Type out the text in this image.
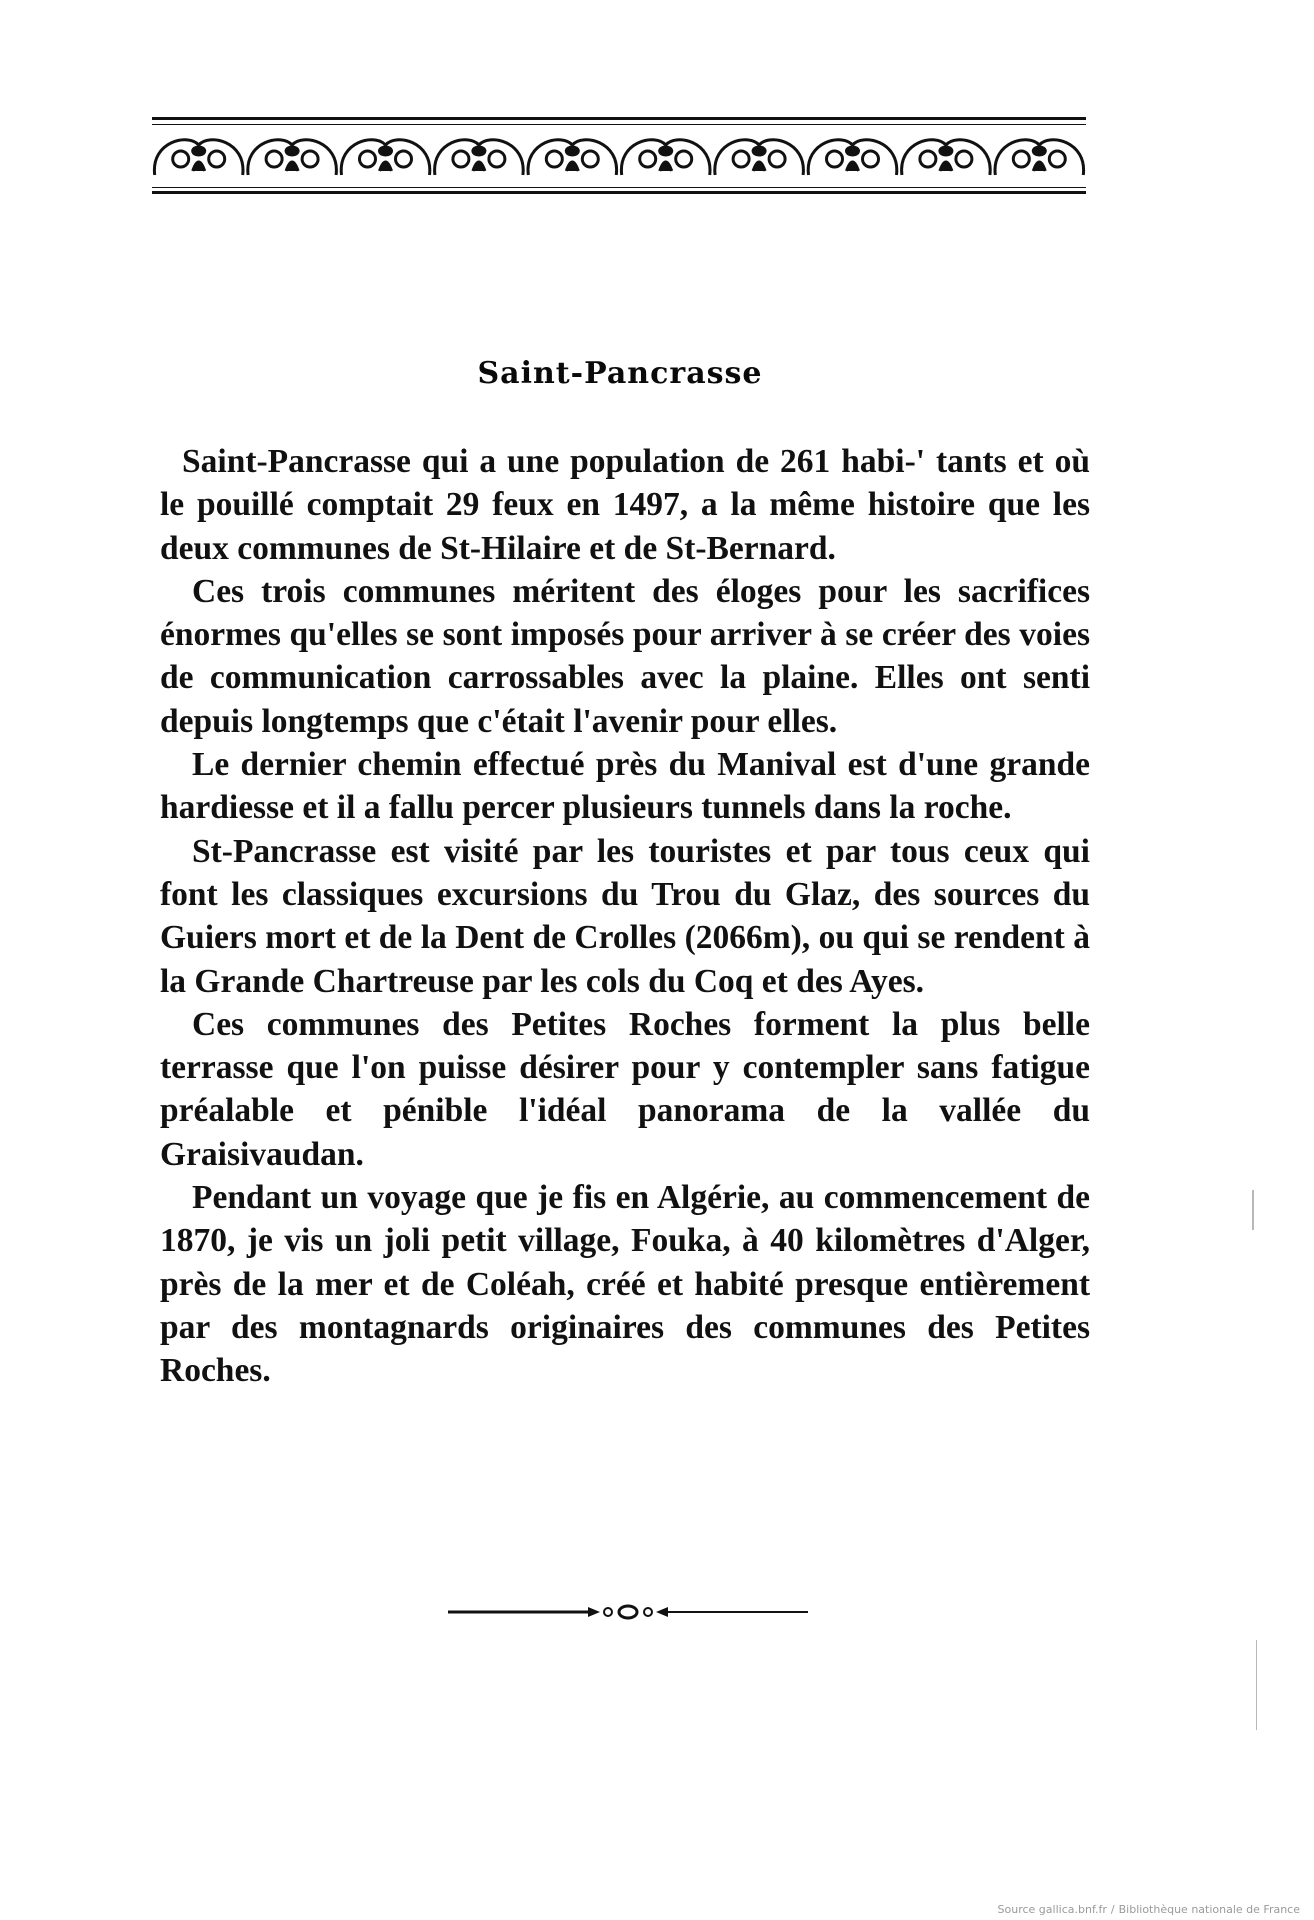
Saint-Pancrasse

Saint-Pancrasse qui a une population de 261 habi-' tants et où le pouillé comptait 29 feux en 1497, a la même histoire que les deux communes de St-Hilaire et de St-Bernard.

Ces trois communes méritent des éloges pour les sacrifices énormes qu'elles se sont imposés pour arriver à se créer des voies de communication carrossables avec la plaine. Elles ont senti depuis longtemps que c'était l'avenir pour elles.

Le dernier chemin effectué près du Manival est d'une grande hardiesse et il a fallu percer plusieurs tunnels dans la roche.

St-Pancrasse est visité par les touristes et par tous ceux qui font les classiques excursions du Trou du Glaz, des sources du Guiers mort et de la Dent de Crolles (2066m), ou qui se rendent à la Grande Chartreuse par les cols du Coq et des Ayes.

Ces communes des Petites Roches forment la plus belle terrasse que l'on puisse désirer pour y contempler sans fatigue préalable et pénible l'idéal panorama de la vallée du Graisivaudan.

Pendant un voyage que je fis en Algérie, au commencement de 1870, je vis un joli petit village, Fouka, à 40 kilomètres d'Alger, près de la mer et de Coléah, créé et habité presque entièrement par des montagnards originaires des communes des Petites Roches.

Source gallica.bnf.fr / Bibliothèque nationale de France
